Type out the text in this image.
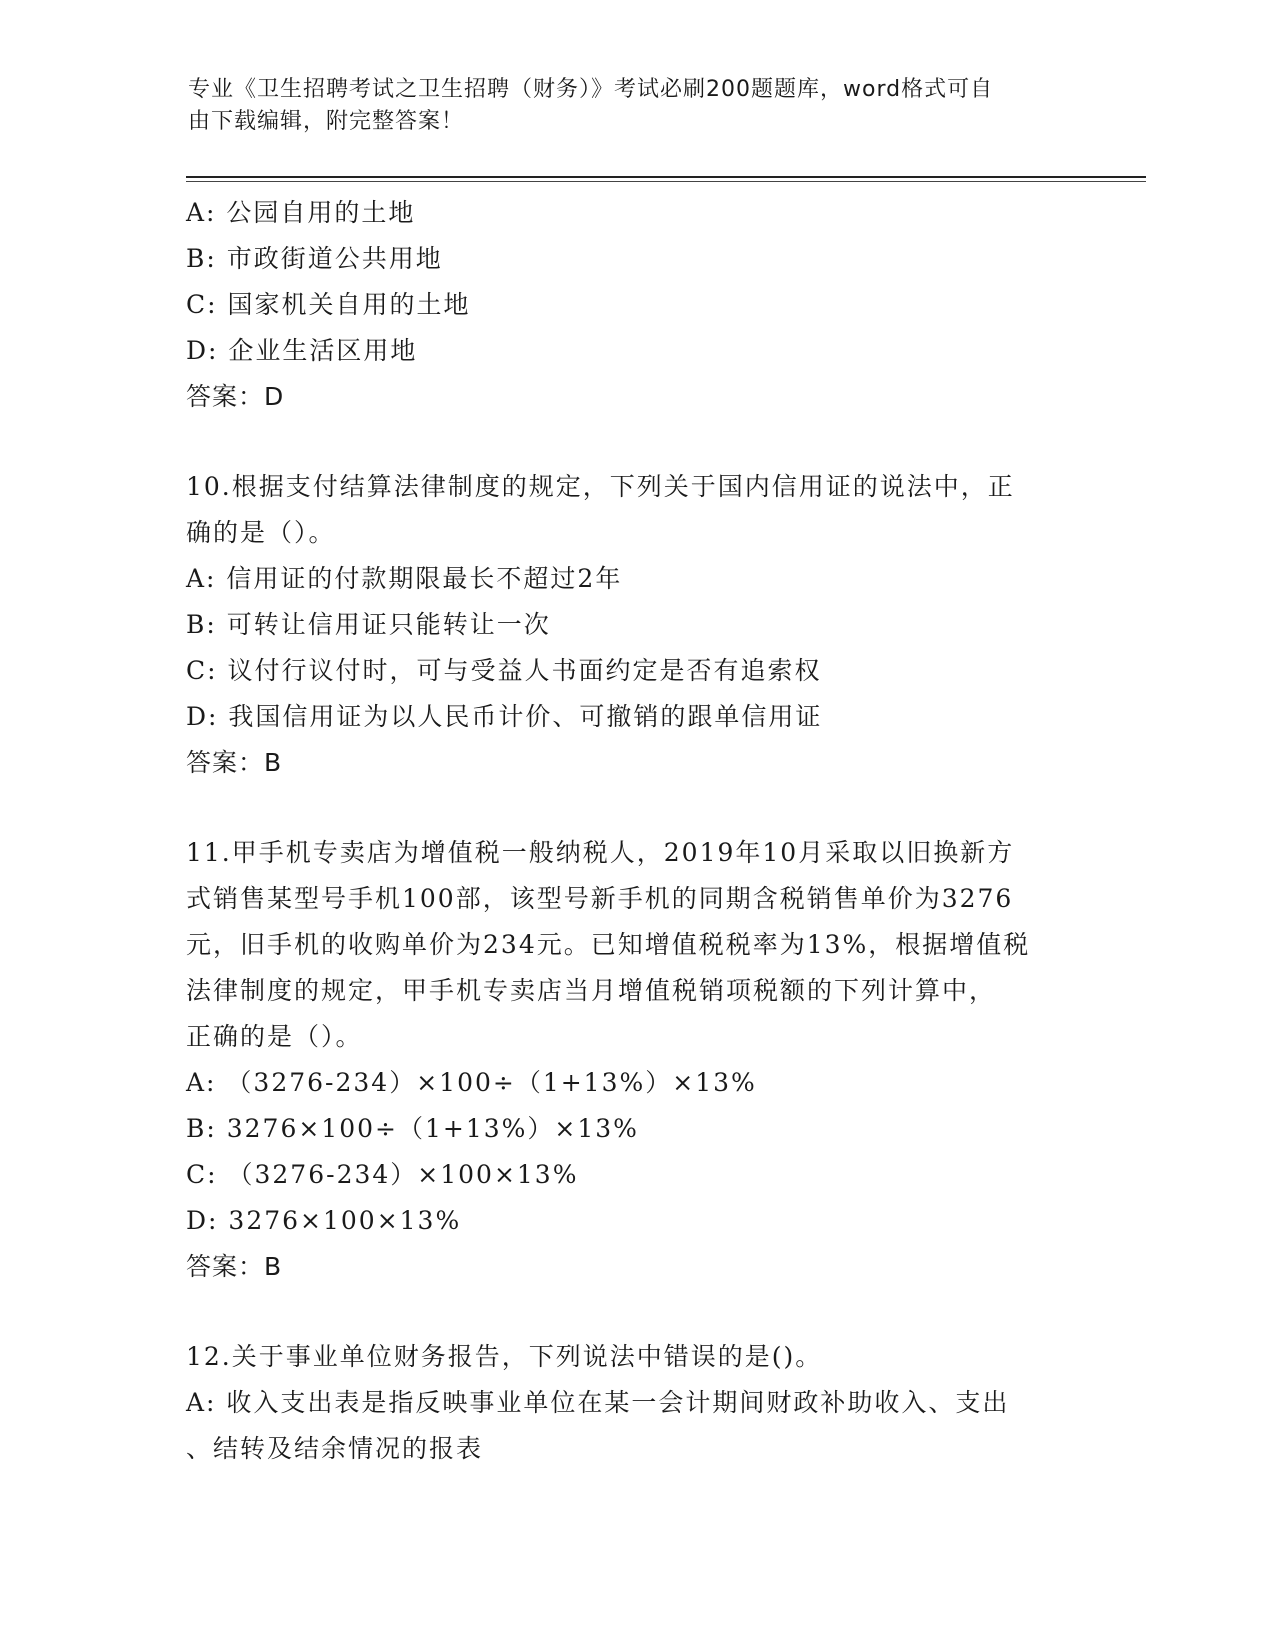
专业《卫生招聘考试之卫生招聘（财务）》考试必刷200题题库，word格式可自
由下载编辑，附完整答案！
A: 公园自用的土地
B: 市政街道公共用地
C: 国家机关自用的土地
D: 企业生活区用地
答案：D
10.根据支付结算法律制度的规定，下列关于国内信用证的说法中，正
确的是（）。
A: 信用证的付款期限最长不超过2年
B: 可转让信用证只能转让一次
C: 议付行议付时，可与受益人书面约定是否有追索权
D: 我国信用证为以人民币计价、可撤销的跟单信用证
答案：B
11.甲手机专卖店为增值税一般纳税人，2019年10月采取以旧换新方
式销售某型号手机100部，该型号新手机的同期含税销售单价为3276
元，旧手机的收购单价为234元。已知增值税税率为13%，根据增值税
法律制度的规定，甲手机专卖店当月增值税销项税额的下列计算中，
正确的是（）。
A: （3276-234）×100÷（1+13%）×13%
B: 3276×100÷（1+13%）×13%
C: （3276-234）×100×13%
D: 3276×100×13%
答案：B
12.关于事业单位财务报告，下列说法中错误的是()。
A: 收入支出表是指反映事业单位在某一会计期间财政补助收入、支出
、结转及结余情况的报表
